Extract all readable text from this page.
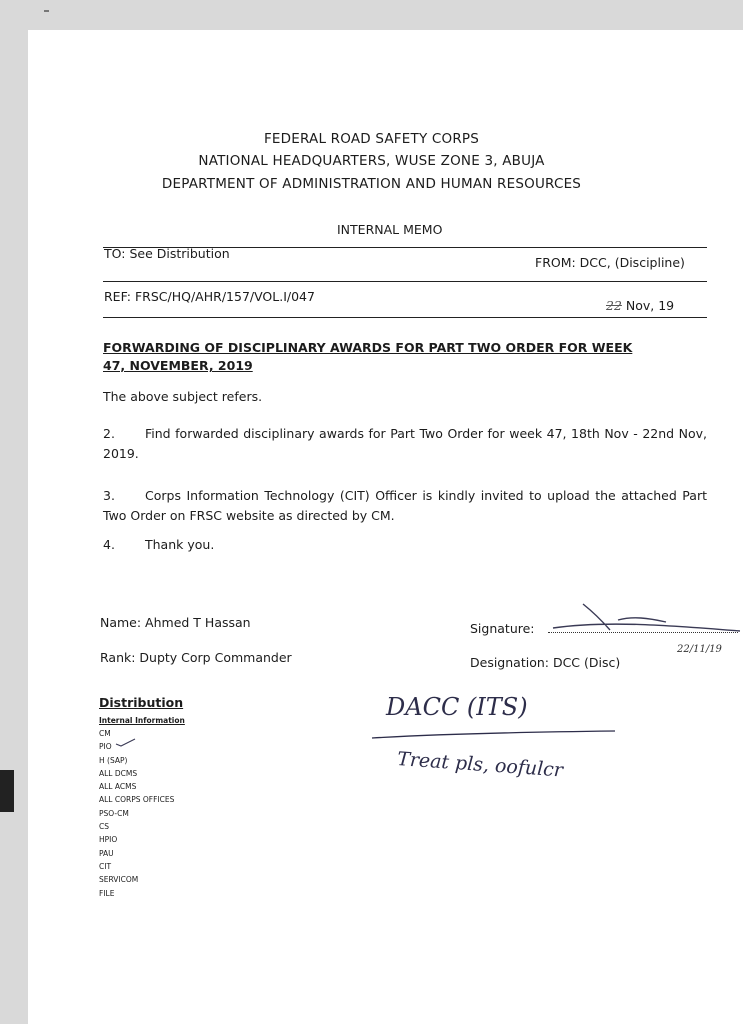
FEDERAL ROAD SAFETY CORPS

NATIONAL HEADQUARTERS, WUSE ZONE 3, ABUJA

DEPARTMENT OF ADMINISTRATION AND HUMAN RESOURCES

INTERNAL MEMO

TO: See Distribution

FROM: DCC, (Discipline)

REF: FRSC/HQ/AHR/157/VOL.I/047

22 Nov, 19

FORWARDING OF DISCIPLINARY AWARDS FOR PART TWO ORDER FOR WEEK
47, NOVEMBER, 2019

The above subject refers.

2. Find forwarded disciplinary awards for Part Two Order for week 47, 18th Nov - 22nd Nov, 2019.

3. Corps Information Technology (CIT) Officer is kindly invited to upload the attached Part Two Order on FRSC website as directed by CM.

4. Thank you.

Name: Ahmed T Hassan

Rank: Dupty Corp Commander

Signature:

22/11/19

Designation: DCC (Disc)

Distribution

Internal Information

CM
PIO
H (SAP)
ALL DCMS
ALL ACMS
ALL CORPS OFFICES
PSO-CM
CS
HPIO
PAU
CIT
SERVICOM
FILE

DACC (ITS)

Treat pls, oofulcr
